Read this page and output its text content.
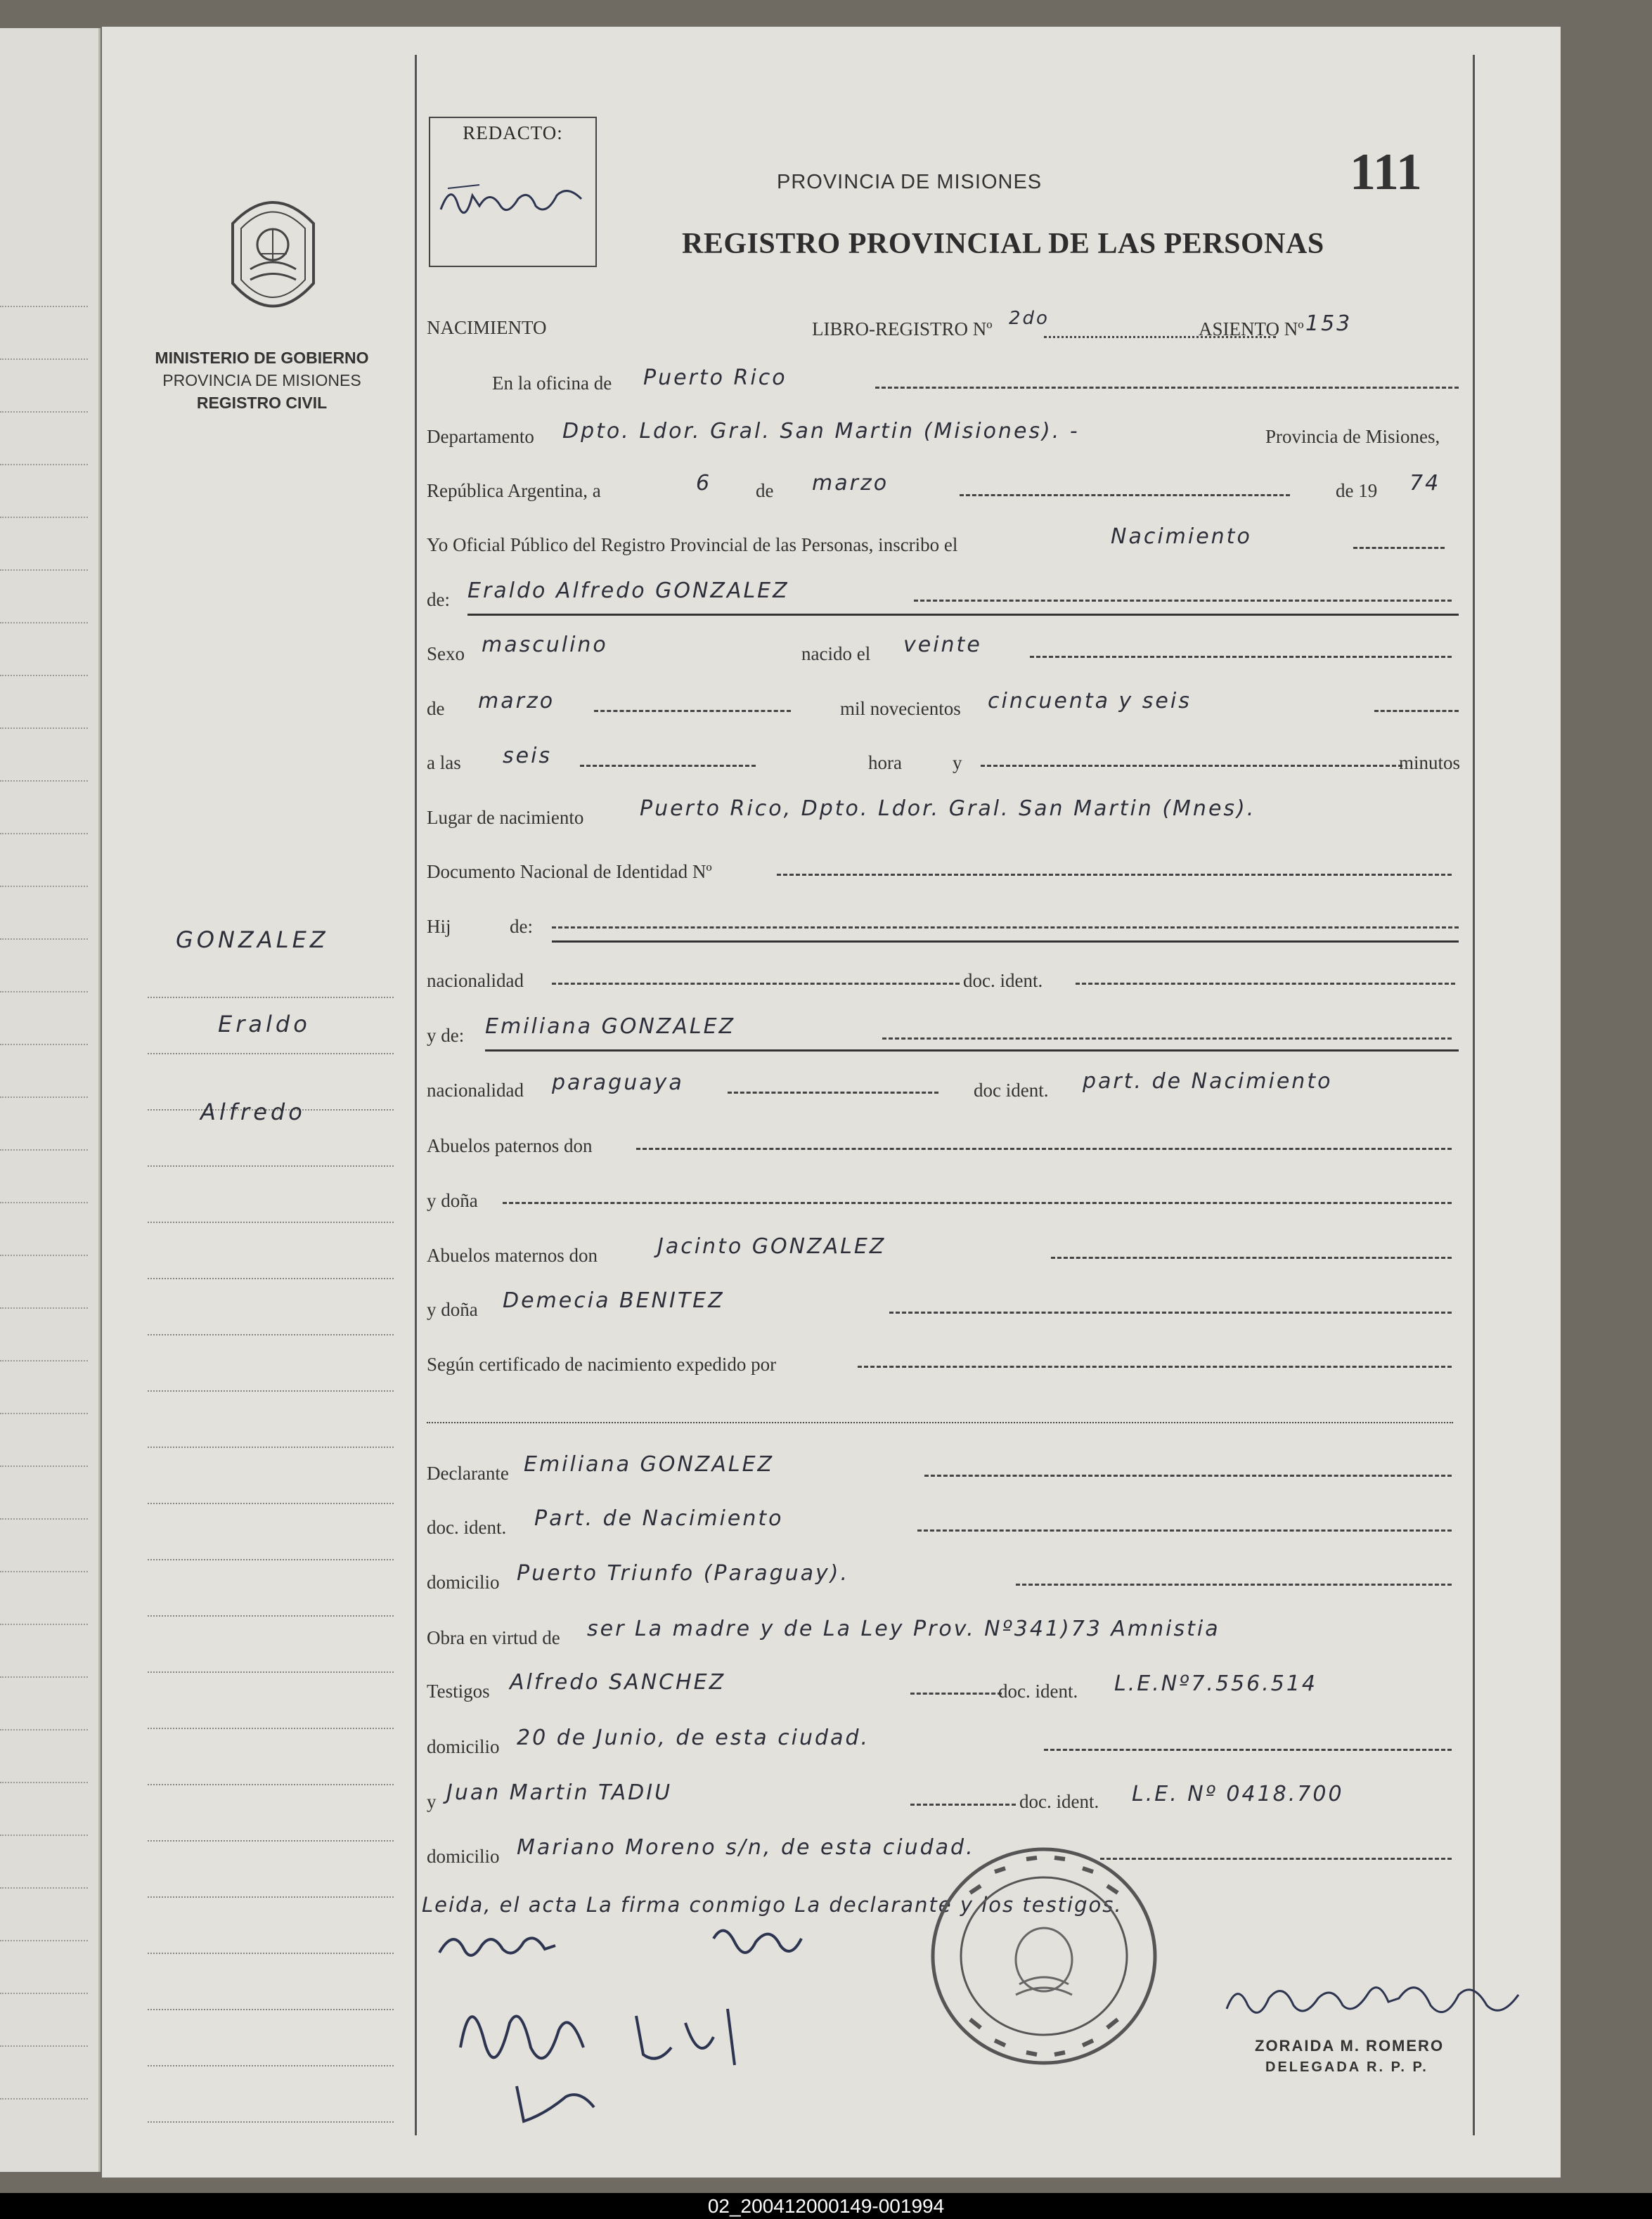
MINISTERIO DE GOBIERNO
PROVINCIA DE MISIONES
REGISTRO CIVIL
REDACTO:
PROVINCIA DE MISIONES	111
REGISTRO PROVINCIAL DE LAS PERSONAS
GONZALEZ
Eraldo
Alfredo
NACIMIENTO	LIBRO-REGISTRO Nº 2do	ASIENTO Nº 153
En la oficina de Puerto Rico
Departamento Dpto. Ldor. Gral. San Martin (Misiones). -	Provincia de Misiones,
República Argentina, a	6 de marzo	de 19 74
Yo Oficial Público del Registro Provincial de las Personas, inscribo el	Nacimiento
de: Eraldo Alfredo GONZALEZ
Sexo masculino	nacido el veinte
de marzo	mil novecientos cincuenta y seis
a las seis	hora	y	minutos
Lugar de nacimiento	Puerto Rico, Dpto. Ldor. Gral. San Martin (Mnes).
Documento Nacional de Identidad Nº
Hij	de:
nacionalidad	doc. ident.
y de: Emiliana GONZALEZ
nacionalidad paraguaya	doc ident. part. de Nacimiento
Abuelos paternos don
y doña
Abuelos maternos don	Jacinto GONZALEZ
y doña Demecia BENITEZ
Según certificado de nacimiento expedido por
Declarante Emiliana GONZALEZ
doc. ident. Part. de Nacimiento
domicilio Puerto Triunfo (Paraguay).
Obra en virtud de ser La madre y de La Ley Prov. Nº341)73 Amnistia
Testigos Alfredo SANCHEZ	doc. ident. L.E.Nº7.556.514
domicilio 20 de Junio, de esta ciudad.
y Juan Martin TADIU	doc. ident. L.E. Nº 0418.700
domicilio Mariano Moreno s/n, de esta ciudad.
Leida, el acta La firma conmigo La declarante y los testigos.
ZORAIDA M. ROMERO
DELEGADA R. P. P.
02_200412000149-001994
